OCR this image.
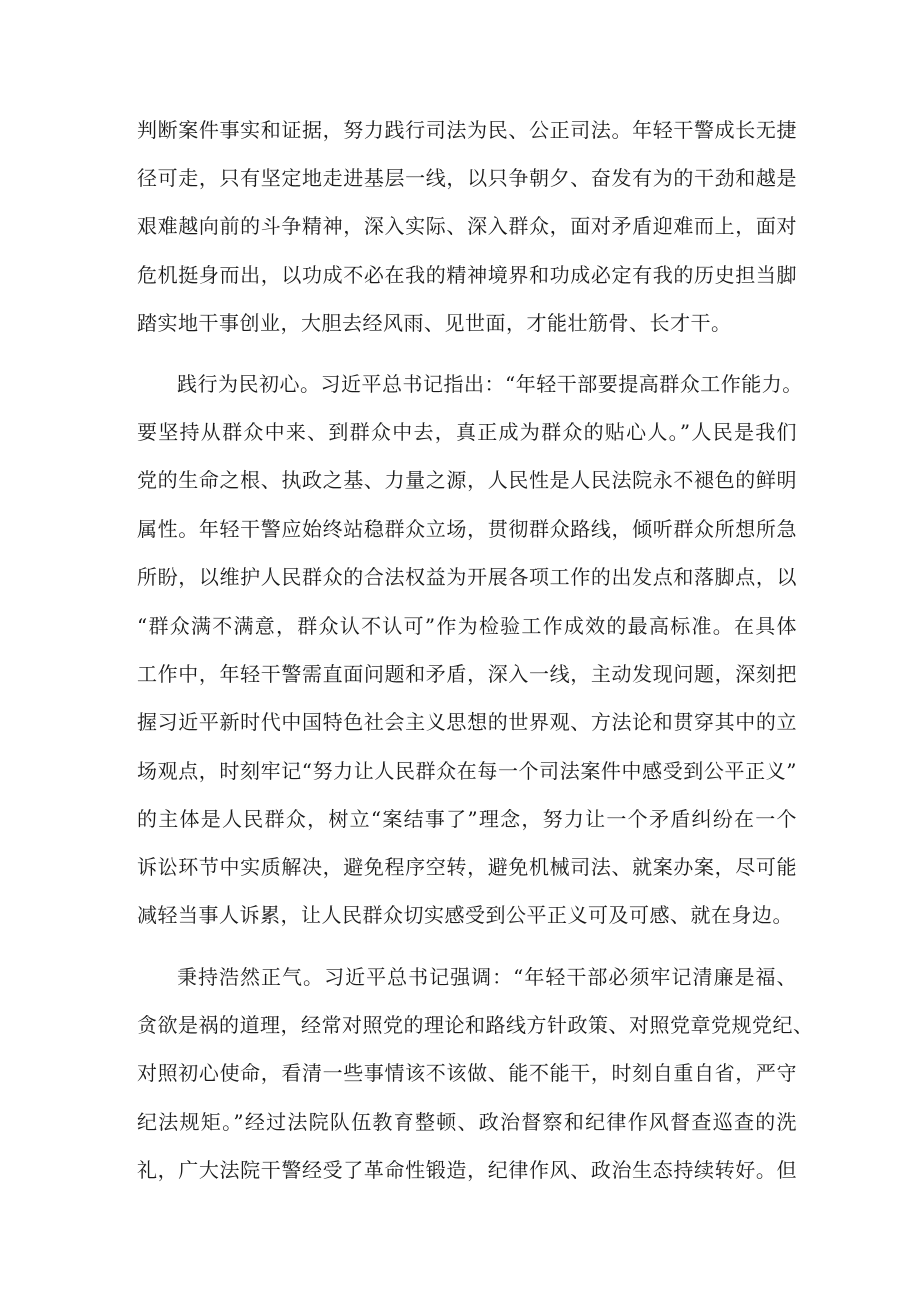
判断案件事实和证据，努力践行司法为民、公正司法。年轻干警成长无捷
径可走，只有坚定地走进基层一线，以只争朝夕、奋发有为的干劲和越是
艰难越向前的斗争精神，深入实际、深入群众，面对矛盾迎难而上，面对
危机挺身而出，以功成不必在我的精神境界和功成必定有我的历史担当脚
踏实地干事创业，大胆去经风雨、见世面，才能壮筋骨、长才干。
践行为民初心。习近平总书记指出：“年轻干部要提高群众工作能力。
要坚持从群众中来、到群众中去，真正成为群众的贴心人。”人民是我们
党的生命之根、执政之基、力量之源，人民性是人民法院永不褪色的鲜明
属性。年轻干警应始终站稳群众立场，贯彻群众路线，倾听群众所想所急
所盼，以维护人民群众的合法权益为开展各项工作的出发点和落脚点，以
“群众满不满意，群众认不认可”作为检验工作成效的最高标准。在具体
工作中，年轻干警需直面问题和矛盾，深入一线，主动发现问题，深刻把
握习近平新时代中国特色社会主义思想的世界观、方法论和贯穿其中的立
场观点，时刻牢记“努力让人民群众在每一个司法案件中感受到公平正义”
的主体是人民群众，树立“案结事了”理念，努力让一个矛盾纠纷在一个
诉讼环节中实质解决，避免程序空转，避免机械司法、就案办案，尽可能
减轻当事人诉累，让人民群众切实感受到公平正义可及可感、就在身边。
秉持浩然正气。习近平总书记强调：“年轻干部必须牢记清廉是福、
贪欲是祸的道理，经常对照党的理论和路线方针政策、对照党章党规党纪、
对照初心使命，看清一些事情该不该做、能不能干，时刻自重自省，严守
纪法规矩。”经过法院队伍教育整顿、政治督察和纪律作风督查巡查的洗
礼，广大法院干警经受了革命性锻造，纪律作风、政治生态持续转好。但
